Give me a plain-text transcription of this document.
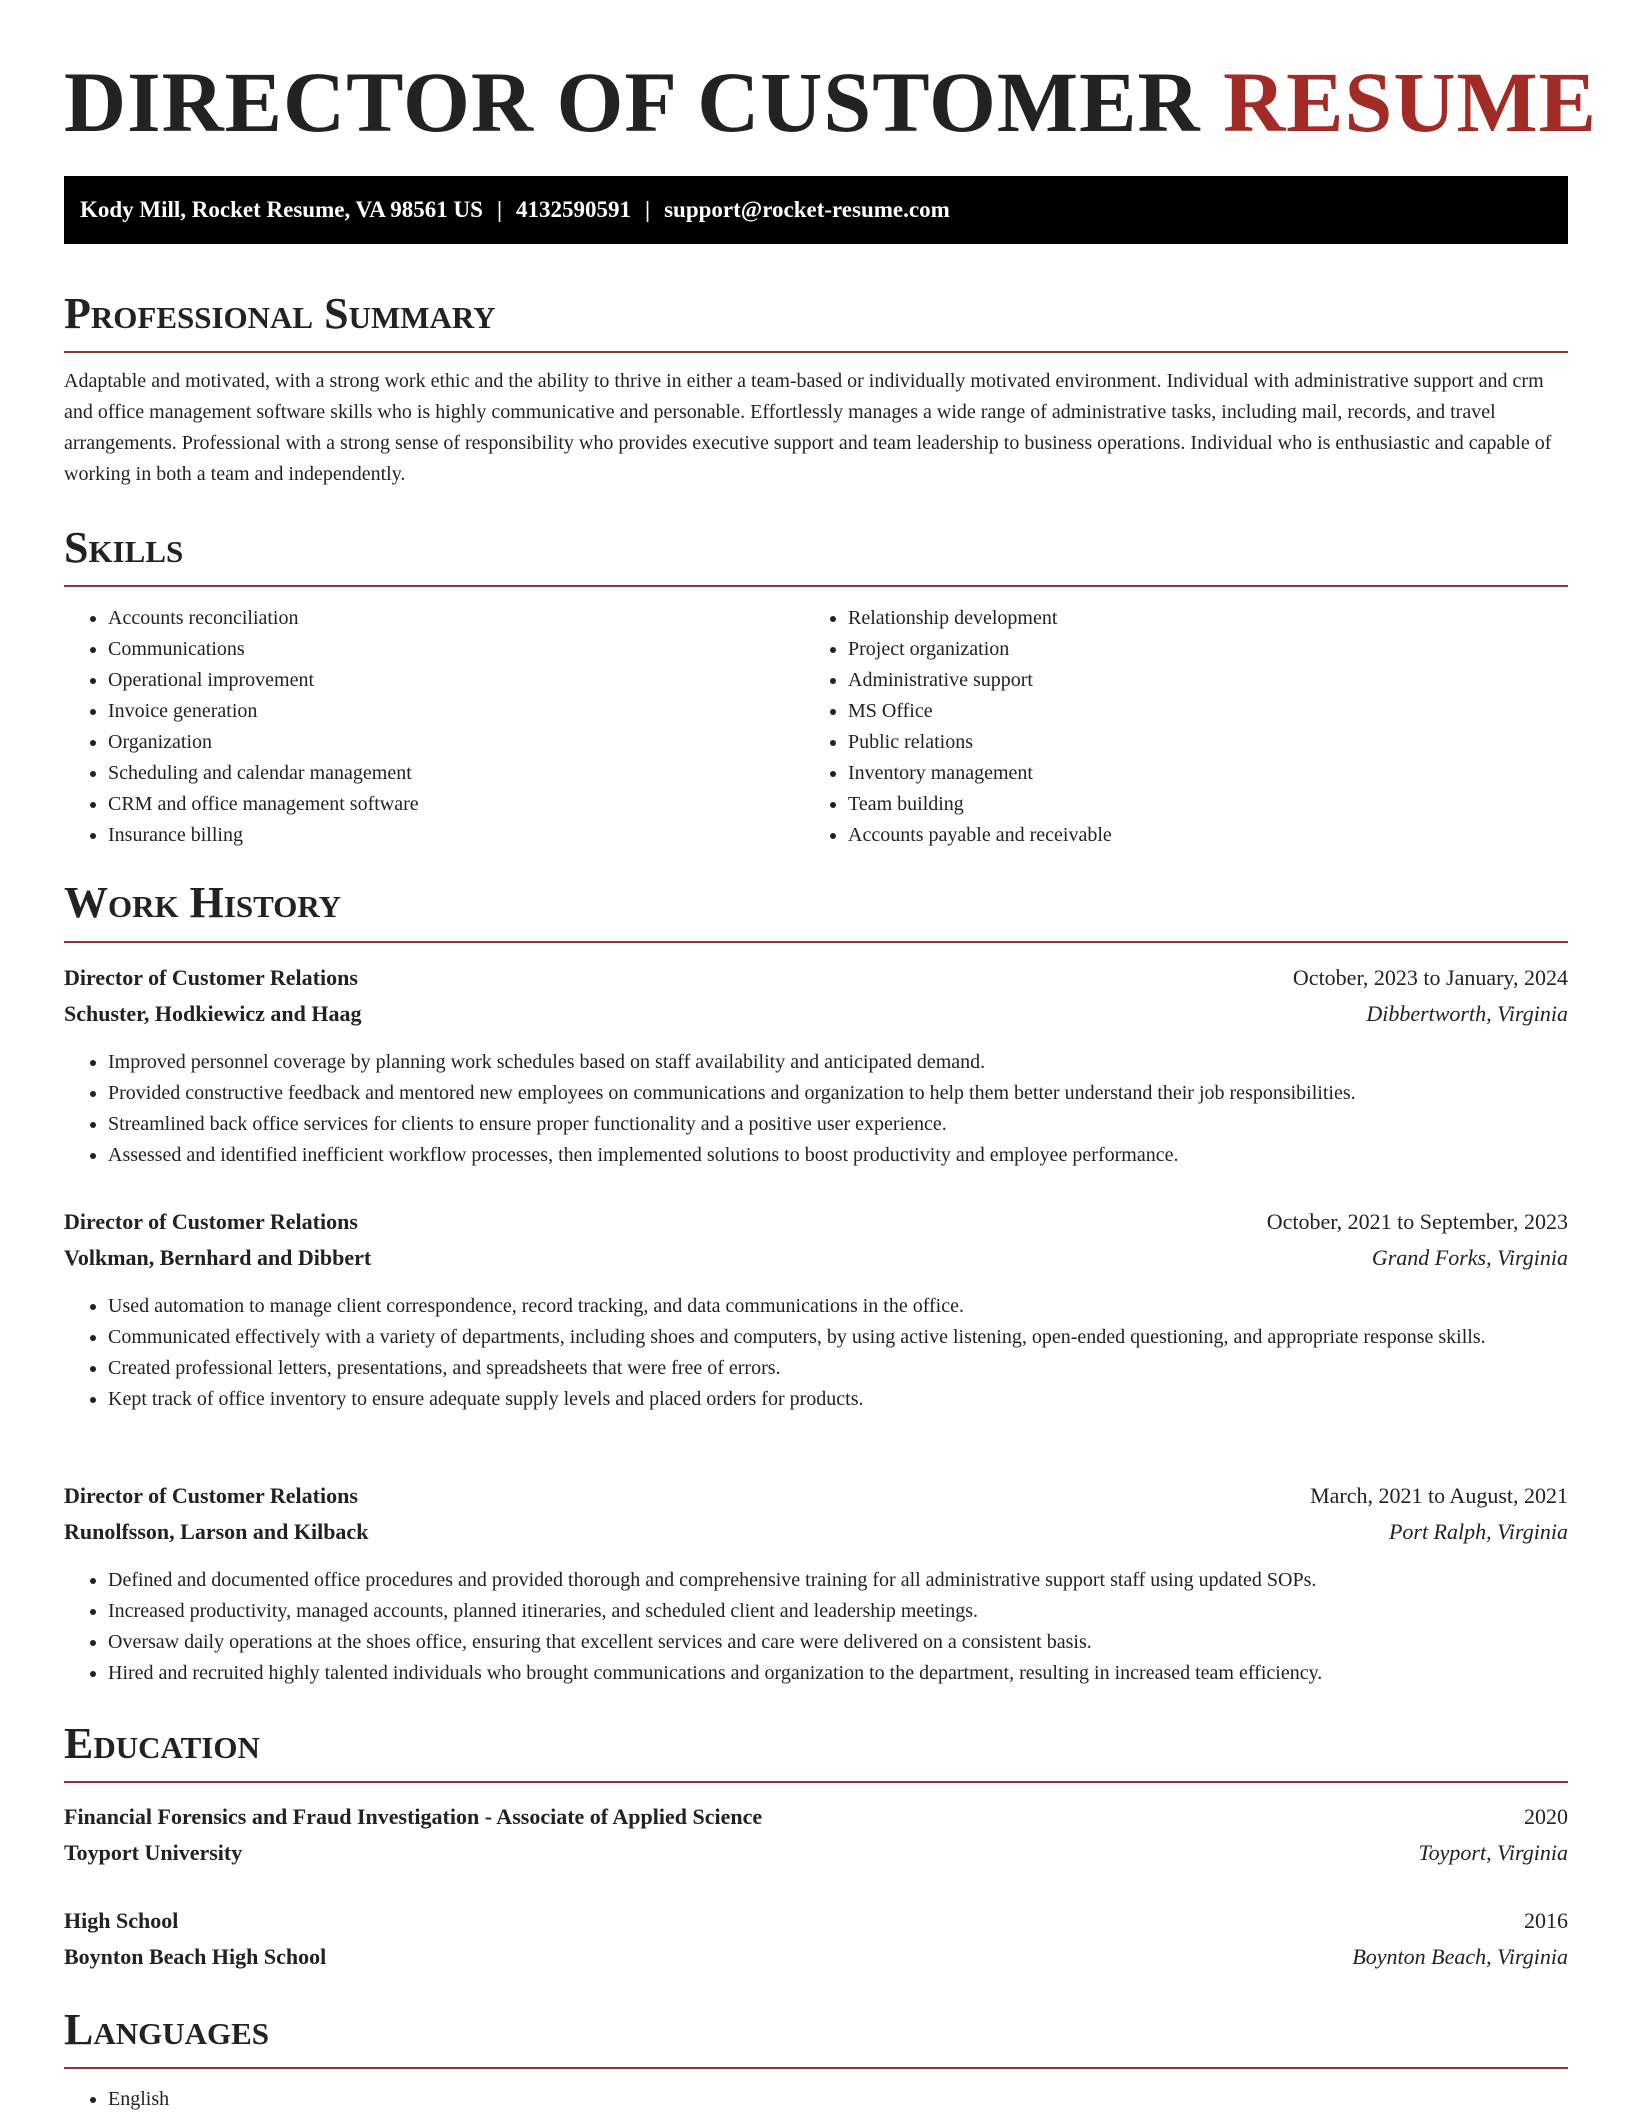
DIRECTOR OF CUSTOMER RESUME
Kody Mill, Rocket Resume, VA 98561 US | 4132590591 | support@rocket-resume.com
Professional Summary

Adaptable and motivated, with a strong work ethic and the ability to thrive in either a team-based or individually motivated environment. Individual with administrative support and crm and office management software skills who is highly communicative and personable. Effortlessly manages a wide range of administrative tasks, including mail, records, and travel arrangements. Professional with a strong sense of responsibility who provides executive support and team leadership to business operations. Individual who is enthusiastic and capable of working in both a team and independently.

Skills
• Accounts reconciliation
• Communications
• Operational improvement
• Invoice generation
• Organization
• Scheduling and calendar management
• CRM and office management software
• Insurance billing
• Relationship development
• Project organization
• Administrative support
• MS Office
• Public relations
• Inventory management
• Team building
• Accounts payable and receivable
Work History
Director of Customer Relations	October, 2023 to January, 2024
Schuster, Hodkiewicz and Haag	Dibbertworth, Virginia
• Improved personnel coverage by planning work schedules based on staff availability and anticipated demand.
• Provided constructive feedback and mentored new employees on communications and organization to help them better understand their job responsibilities.
• Streamlined back office services for clients to ensure proper functionality and a positive user experience.
• Assessed and identified inefficient workflow processes, then implemented solutions to boost productivity and employee performance.
Director of Customer Relations	October, 2021 to September, 2023
Volkman, Bernhard and Dibbert	Grand Forks, Virginia
• Used automation to manage client correspondence, record tracking, and data communications in the office.
• Communicated effectively with a variety of departments, including shoes and computers, by using active listening, open-ended questioning, and appropriate response skills.
• Created professional letters, presentations, and spreadsheets that were free of errors.
• Kept track of office inventory to ensure adequate supply levels and placed orders for products.
Director of Customer Relations	March, 2021 to August, 2021
Runolfsson, Larson and Kilback	Port Ralph, Virginia
• Defined and documented office procedures and provided thorough and comprehensive training for all administrative support staff using updated SOPs.
• Increased productivity, managed accounts, planned itineraries, and scheduled client and leadership meetings.
• Oversaw daily operations at the shoes office, ensuring that excellent services and care were delivered on a consistent basis.
• Hired and recruited highly talented individuals who brought communications and organization to the department, resulting in increased team efficiency.
Education
Financial Forensics and Fraud Investigation - Associate of Applied Science	2020
Toyport University	Toyport, Virginia
High School	2016
Boynton Beach High School	Boynton Beach, Virginia
Languages
• English
